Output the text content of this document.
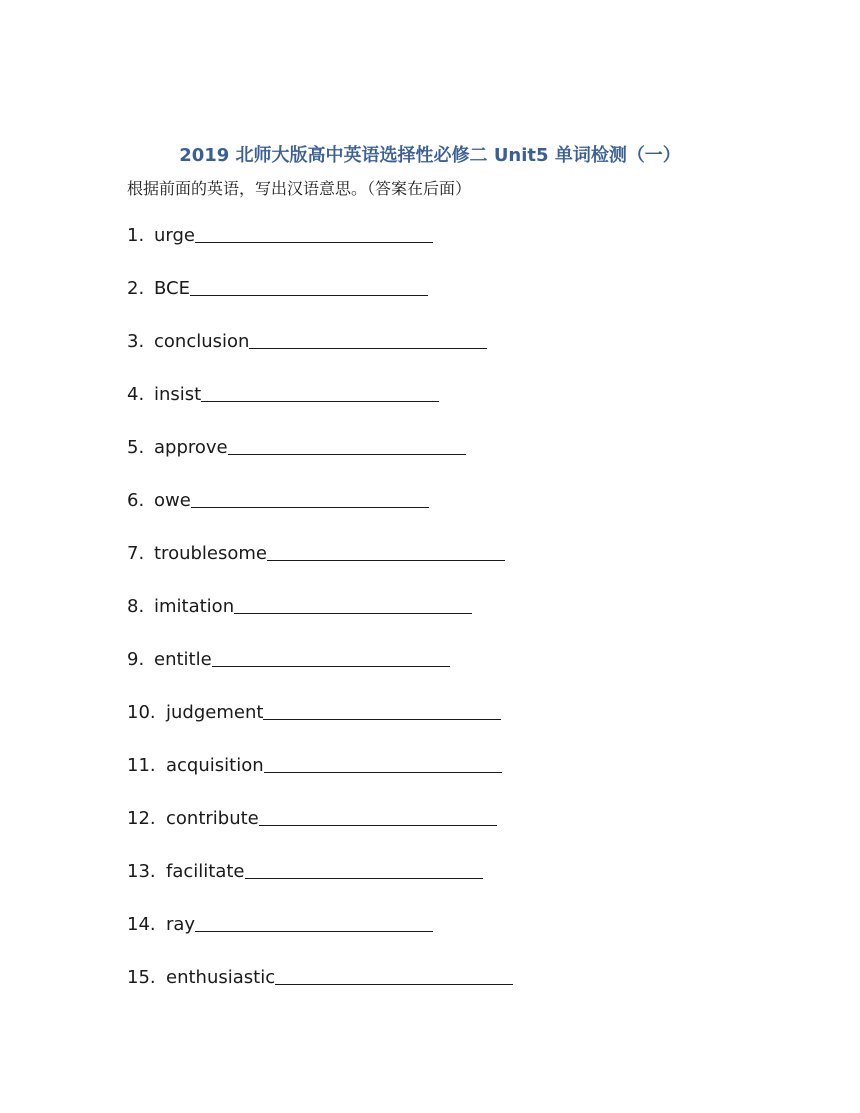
2019 北师大版高中英语选择性必修二 Unit5 单词检测（一）
根据前面的英语，写出汉语意思。（答案在后面）
1. urge
2. BCE
3. conclusion
4. insist
5. approve
6. owe
7. troublesome
8. imitation
9. entitle
10. judgement
11. acquisition
12. contribute
13. facilitate
14. ray
15. enthusiastic
